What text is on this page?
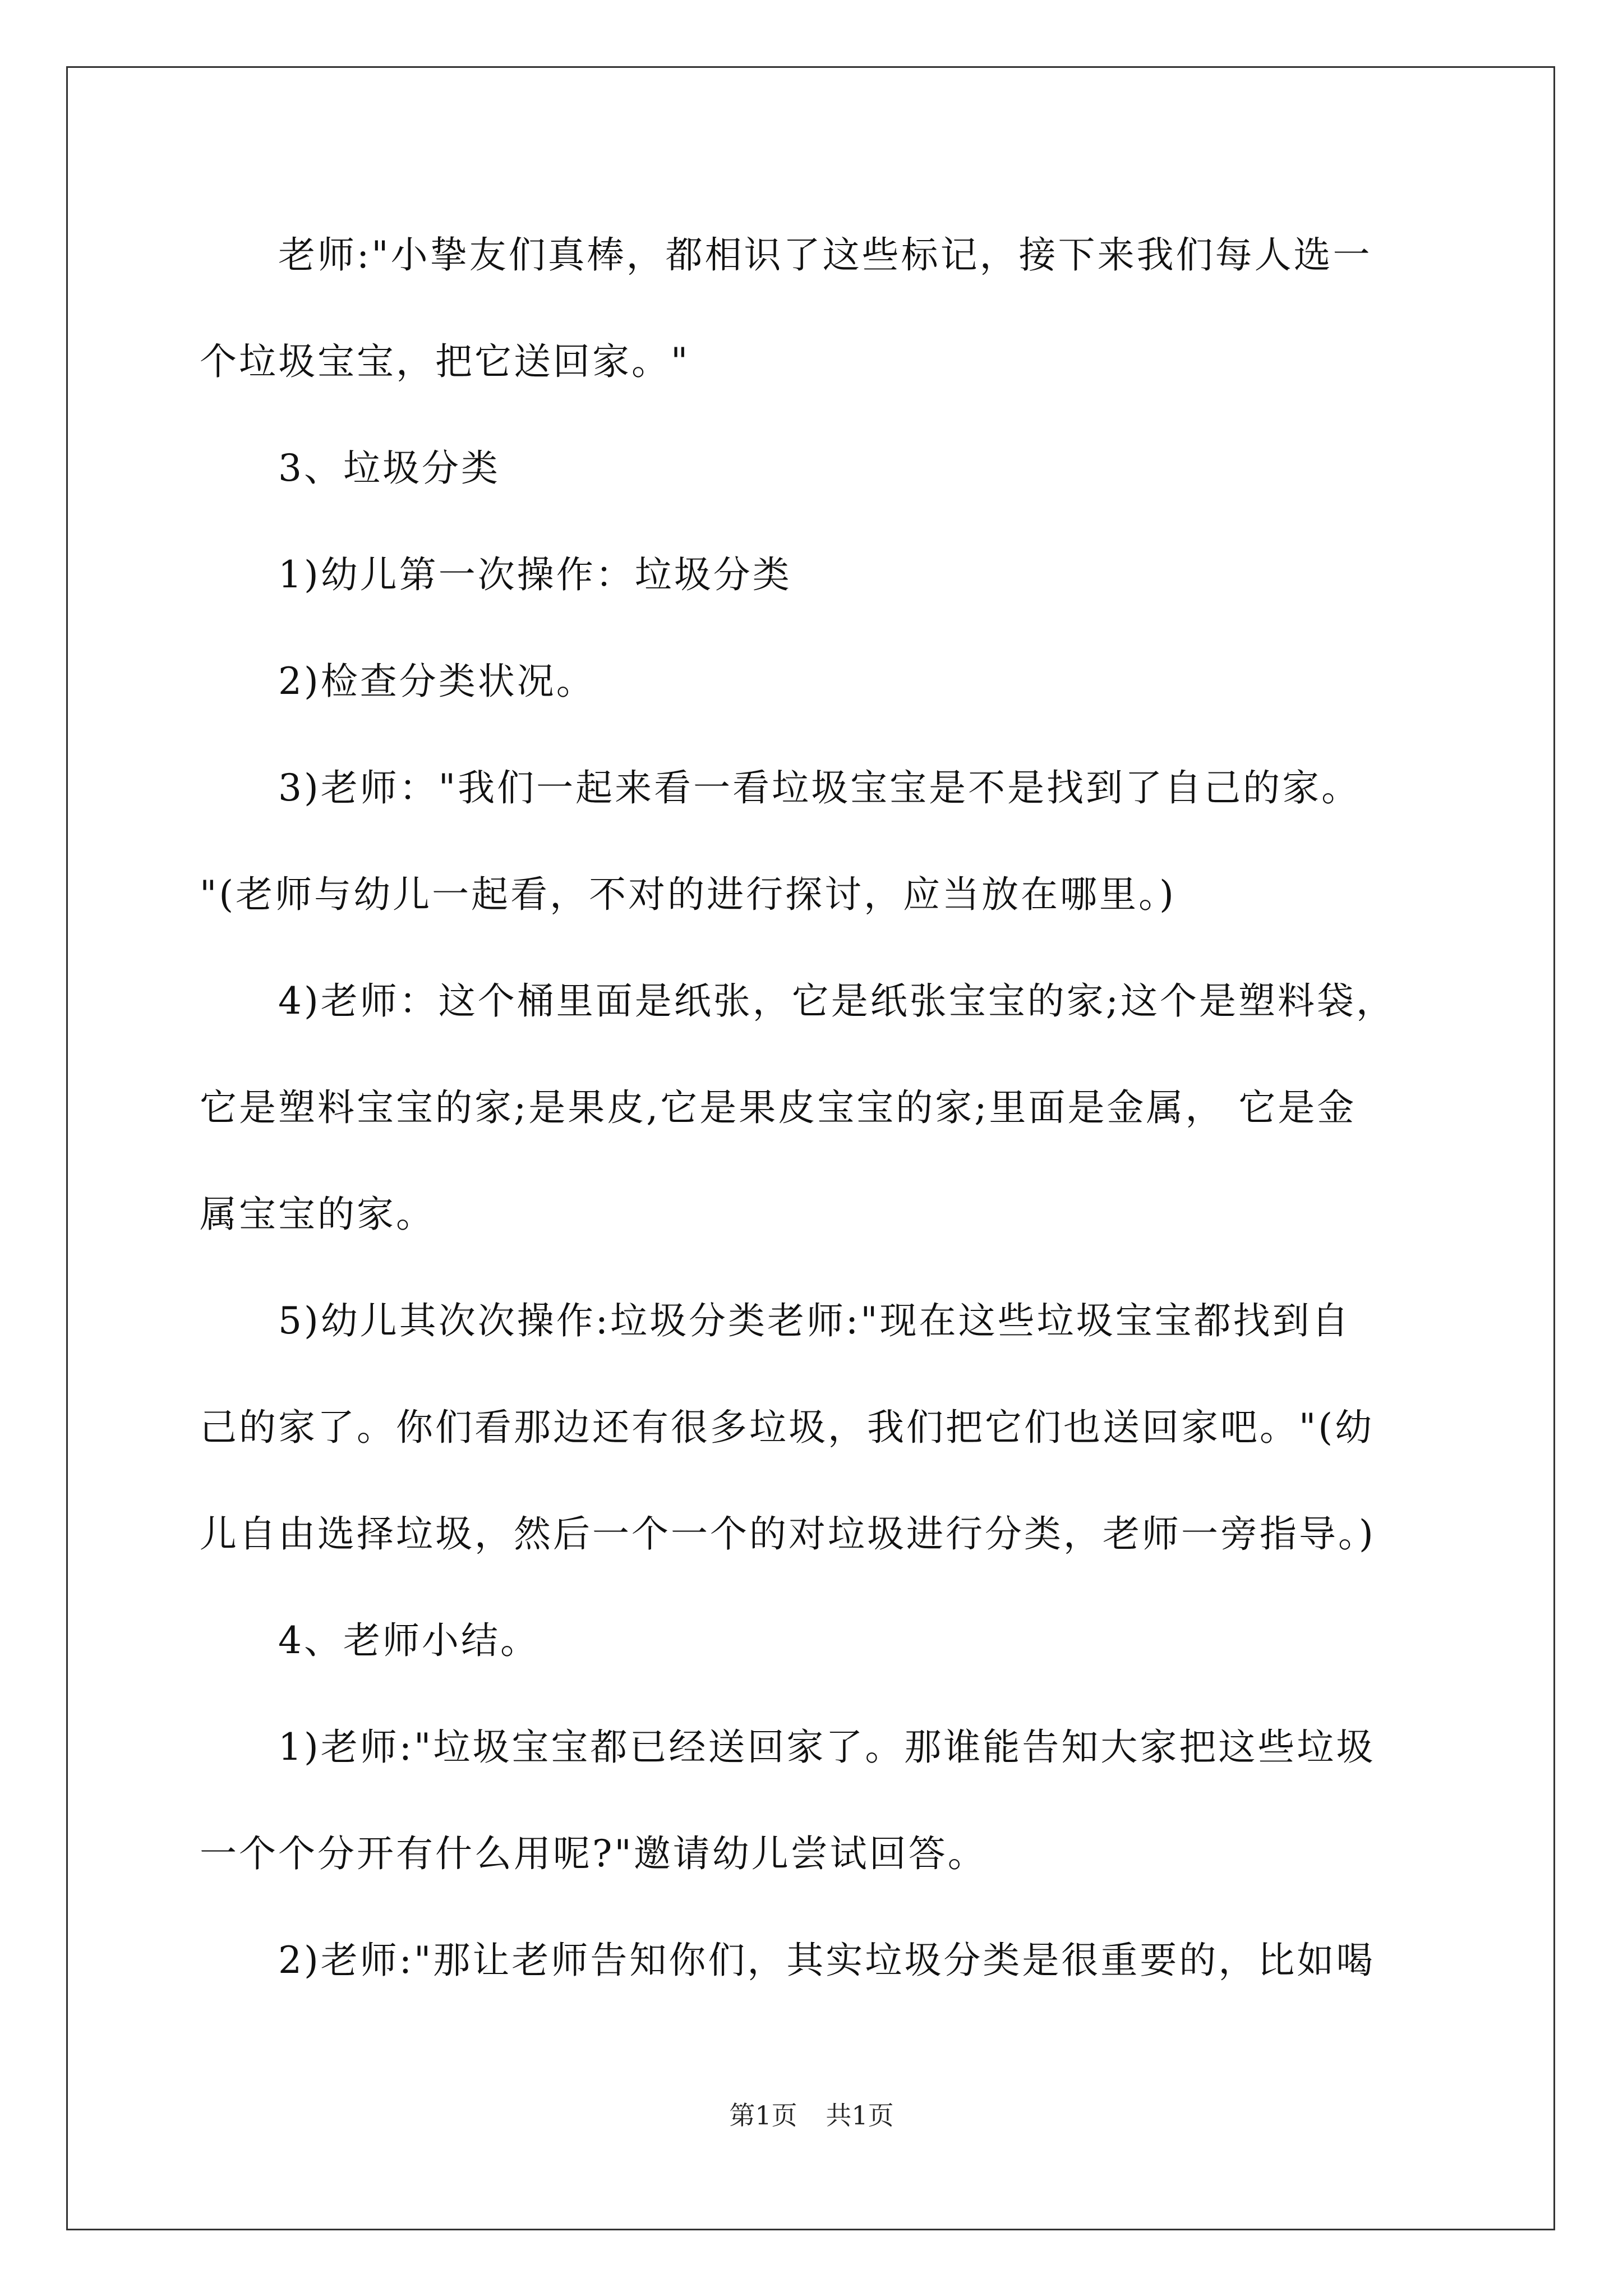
老师:"小挚友们真棒，都相识了这些标记，接下来我们每人选一

个垃圾宝宝，把它送回家。"

3、垃圾分类

1)幼儿第一次操作：垃圾分类

2)检查分类状况。

3)老师："我们一起来看一看垃圾宝宝是不是找到了自己的家。

"(老师与幼儿一起看，不对的进行探讨，应当放在哪里。)

4)老师：这个桶里面是纸张，它是纸张宝宝的家;这个是塑料袋，

它是塑料宝宝的家;是果皮,它是果皮宝宝的家;里面是金属， 它是金

属宝宝的家。

5)幼儿其次次操作:垃圾分类老师:"现在这些垃圾宝宝都找到自

己的家了。你们看那边还有很多垃圾，我们把它们也送回家吧。"(幼

儿自由选择垃圾，然后一个一个的对垃圾进行分类，老师一旁指导。)

4、老师小结。

1)老师:"垃圾宝宝都已经送回家了。那谁能告知大家把这些垃圾

一个个分开有什么用呢?"邀请幼儿尝试回答。

2)老师:"那让老师告知你们，其实垃圾分类是很重要的，比如喝

第1页 共1页
